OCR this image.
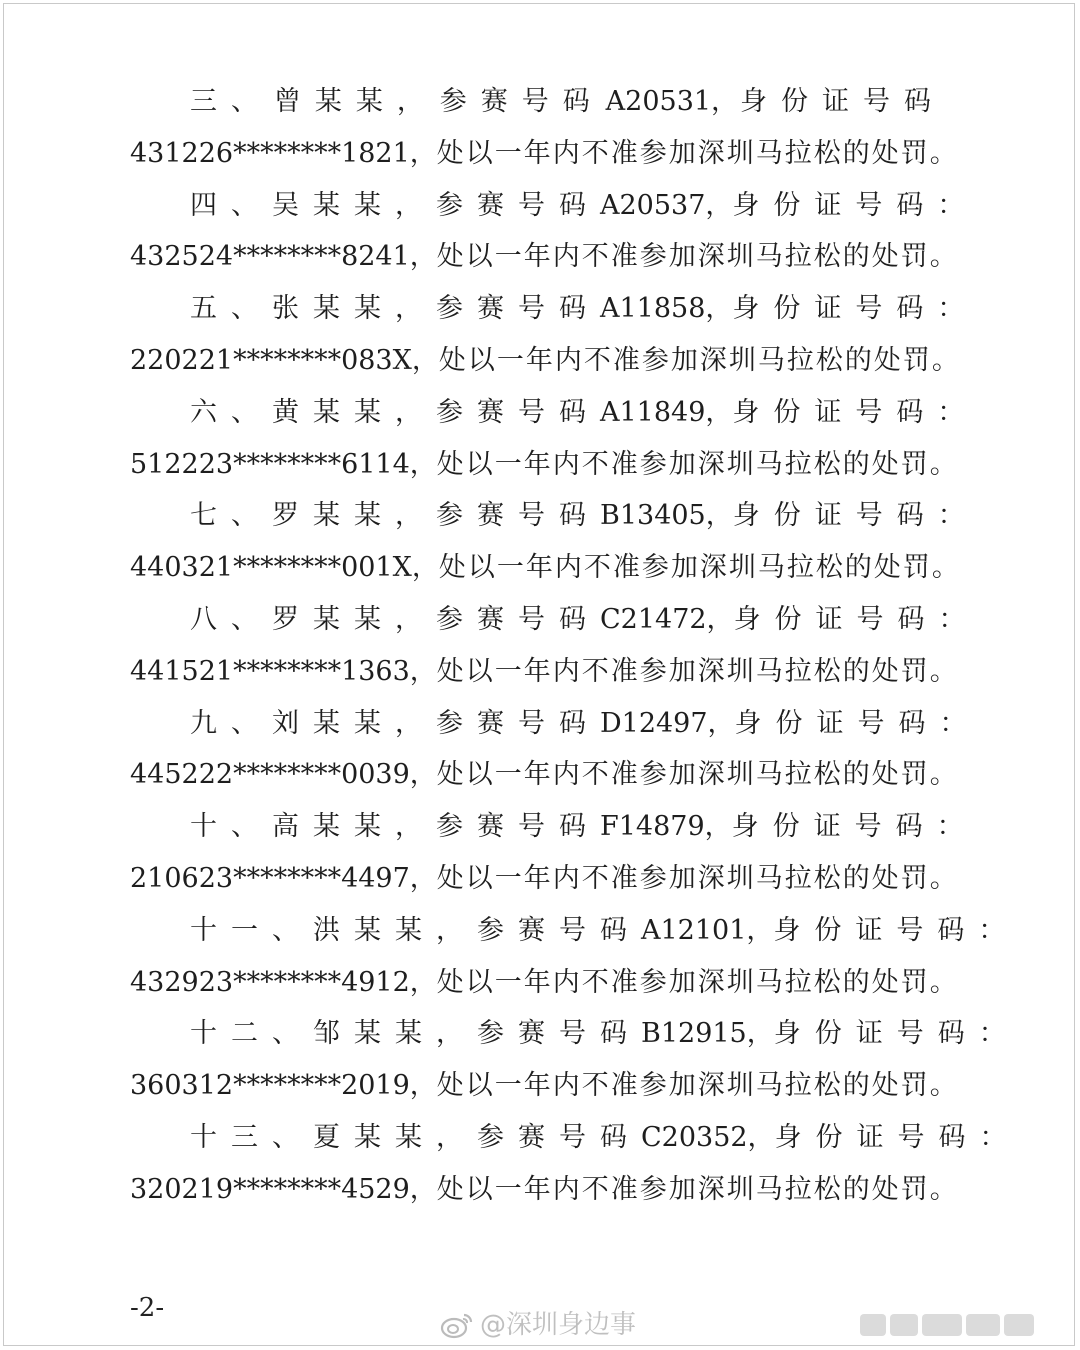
三、 曾某某， 参赛号码 A20531， 身份证号码
431226********1821， 处以一年内不准参加深圳马拉松的处罚。
四、 吴某某， 参赛号码 A20537， 身份证号码：
432524********8241， 处以一年内不准参加深圳马拉松的处罚。
五、 张某某， 参赛号码 A11858， 身份证号码：
220221********083X， 处以一年内不准参加深圳马拉松的处罚。
六、 黄某某， 参赛号码 A11849， 身份证号码：
512223********6114， 处以一年内不准参加深圳马拉松的处罚。
七、 罗某某， 参赛号码 B13405， 身份证号码：
440321********001X， 处以一年内不准参加深圳马拉松的处罚。
八、 罗某某， 参赛号码 C21472， 身份证号码：
441521********1363， 处以一年内不准参加深圳马拉松的处罚。
九、 刘某某， 参赛号码 D12497， 身份证号码：
445222********0039， 处以一年内不准参加深圳马拉松的处罚。
十、 高某某， 参赛号码 F14879， 身份证号码：
210623********4497， 处以一年内不准参加深圳马拉松的处罚。
十一、 洪某某， 参赛号码 A12101， 身份证号码：
432923********4912， 处以一年内不准参加深圳马拉松的处罚。
十二、 邹某某， 参赛号码 B12915， 身份证号码：
360312********2019， 处以一年内不准参加深圳马拉松的处罚。
十三、 夏某某， 参赛号码 C20352， 身份证号码：
320219********4529， 处以一年内不准参加深圳马拉松的处罚。
-2-
@深圳身边事
